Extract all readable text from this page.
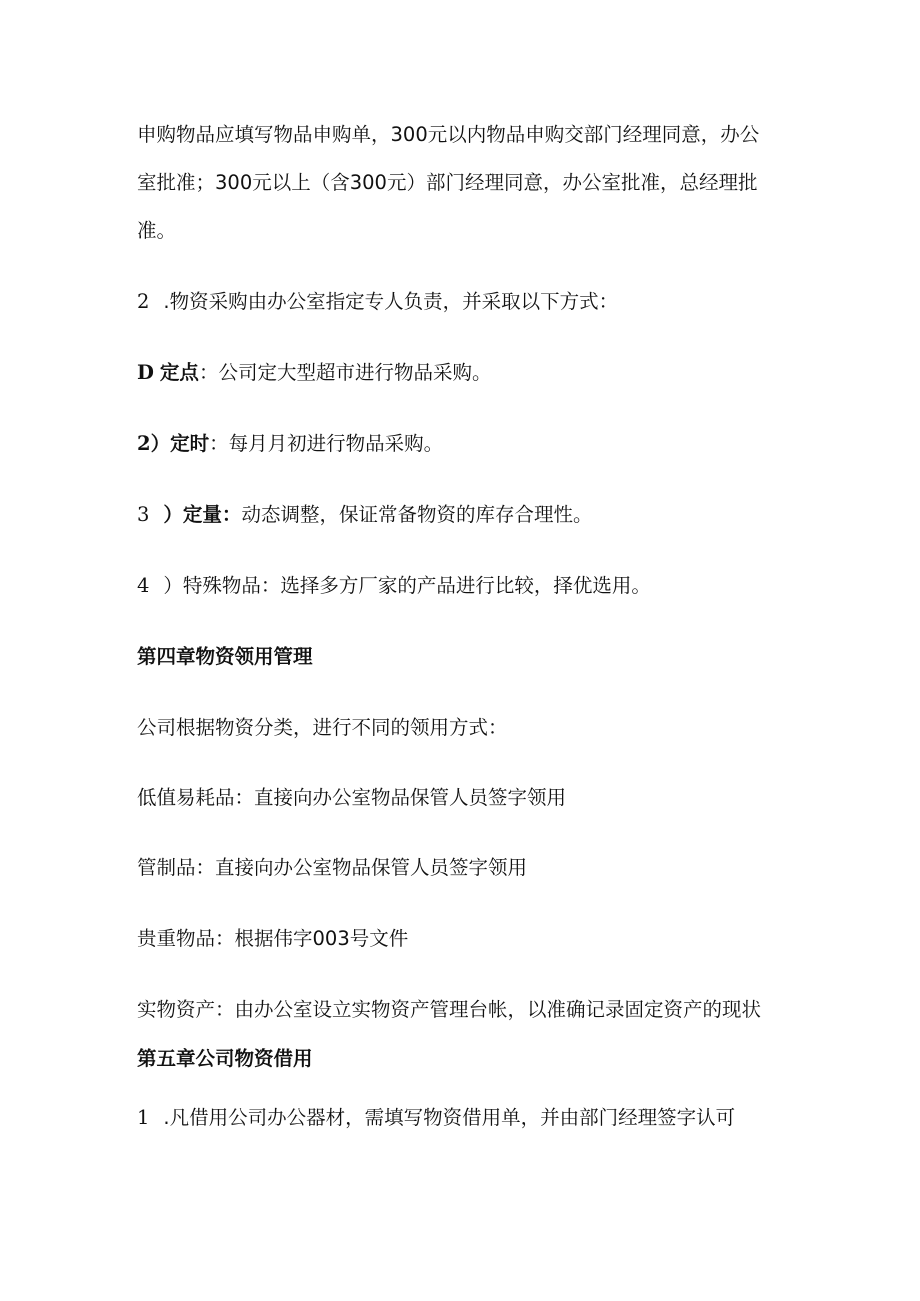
申购物品应填写物品申购单，300元以内物品申购交部门经理同意，办公
室批准；300元以上（含300元）部门经理同意，办公室批准，总经理批
准。
2 .物资采购由办公室指定专人负责，并采取以下方式：
D 定点：公司定大型超市进行物品采购。
2）定时：每月月初进行物品采购。
3 ）定量：动态调整，保证常备物资的库存合理性。
4 ）特殊物品：选择多方厂家的产品进行比较，择优选用。
第四章物资领用管理
公司根据物资分类，进行不同的领用方式：
低值易耗品：直接向办公室物品保管人员签字领用
管制品：直接向办公室物品保管人员签字领用
贵重物品：根据伟字003号文件
实物资产：由办公室设立实物资产管理台帐，以准确记录固定资产的现状
第五章公司物资借用
1 .凡借用公司办公器材，需填写物资借用单，并由部门经理签字认可
